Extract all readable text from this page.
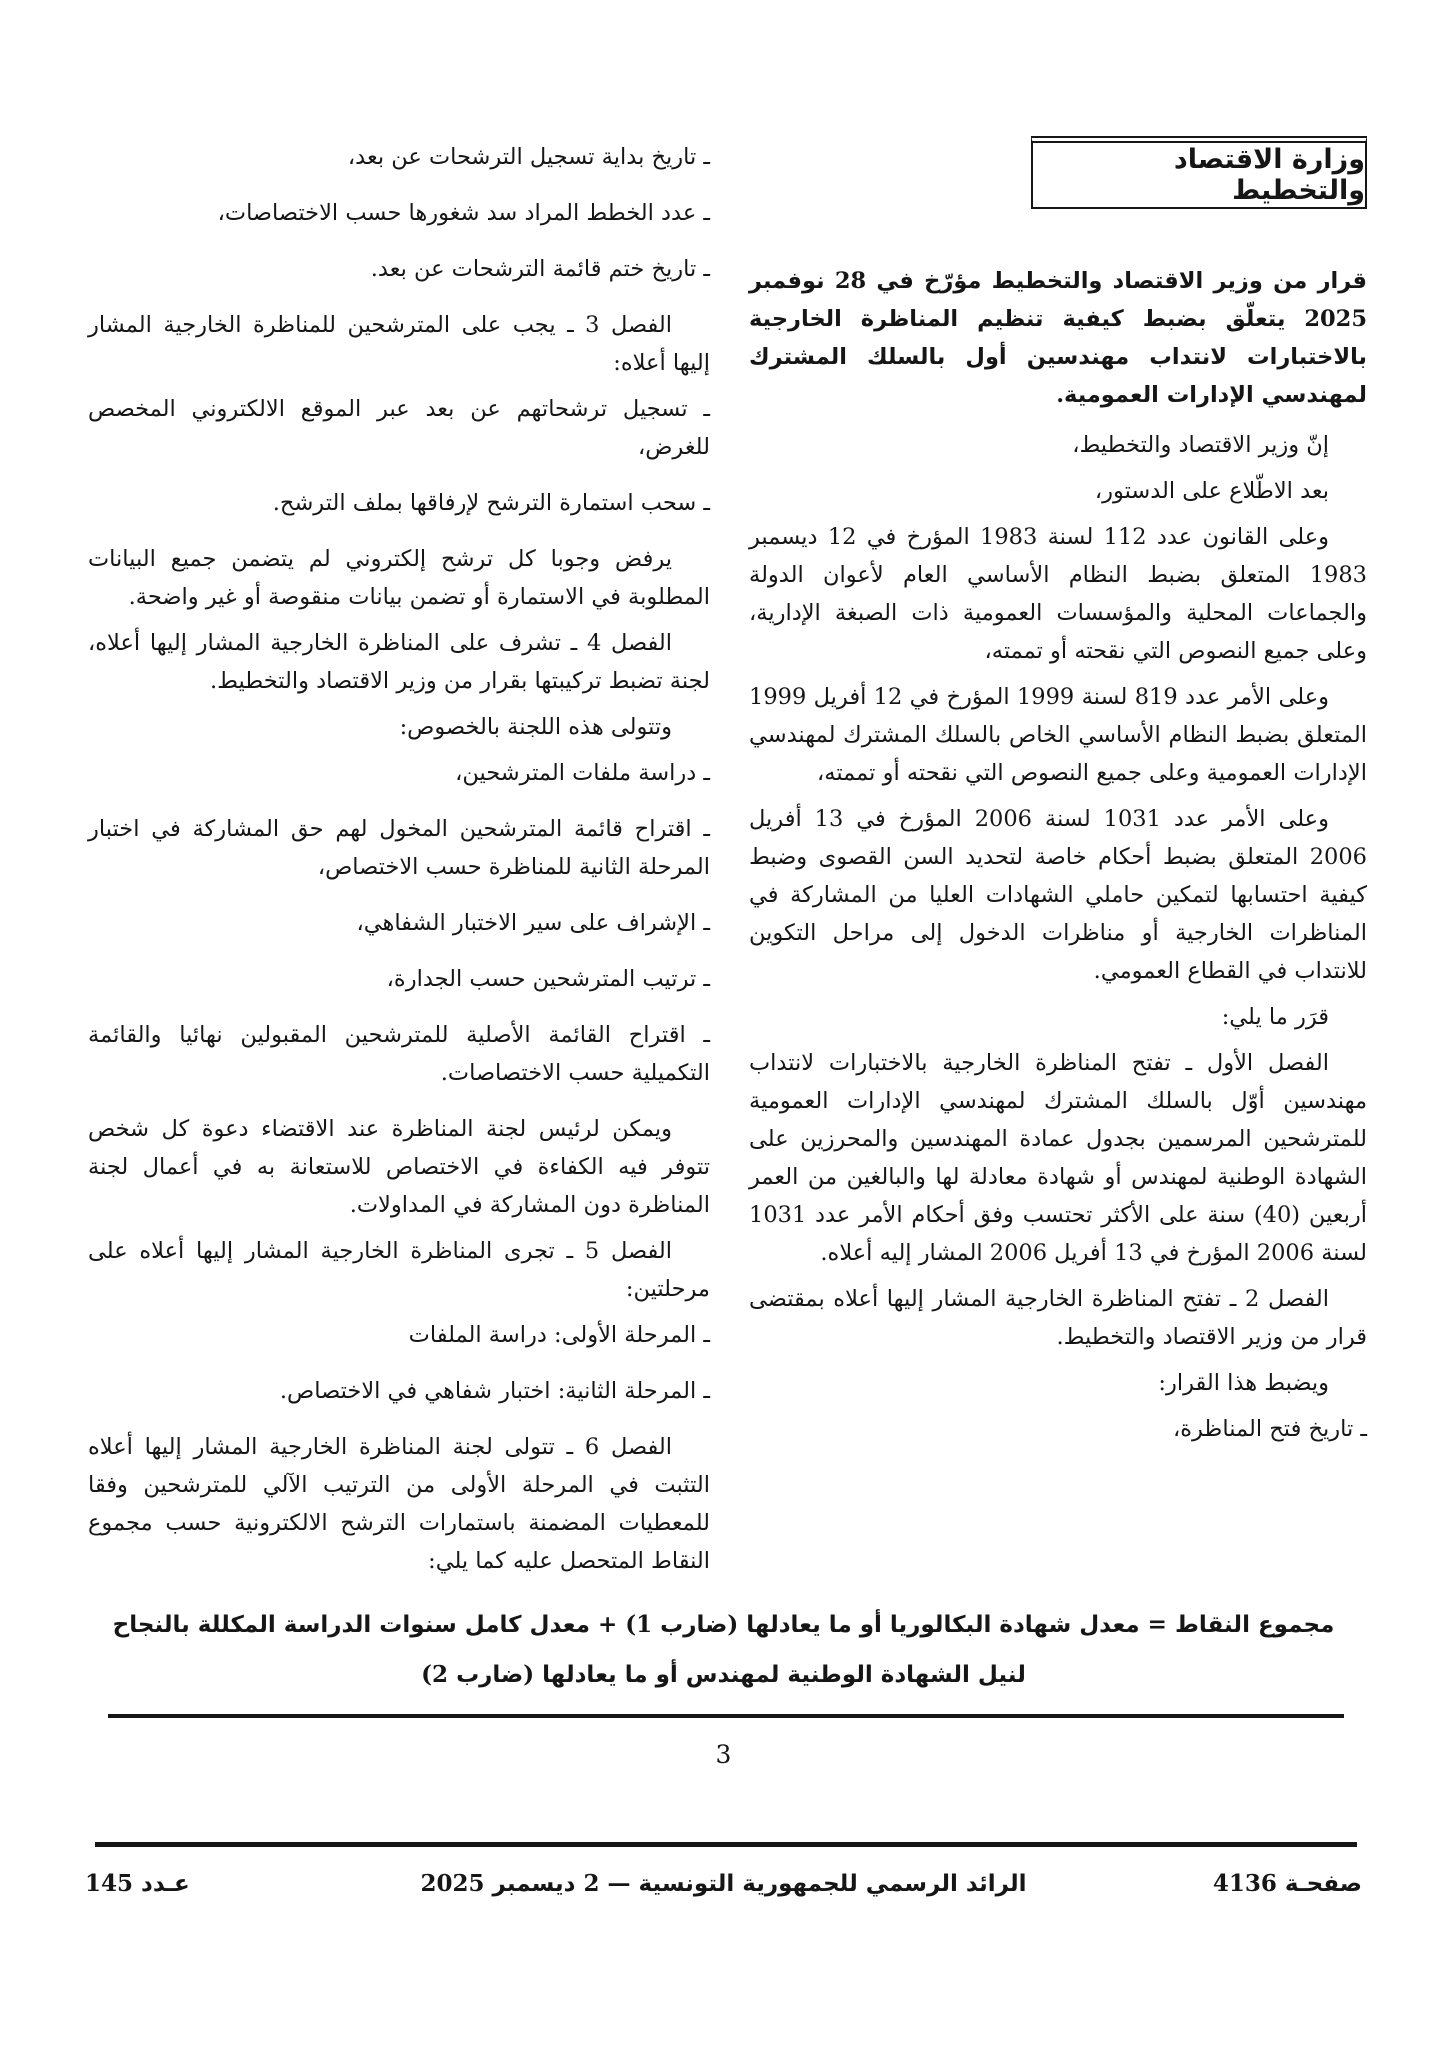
وزارة الاقتصاد والتخطيط

قرار من وزير الاقتصاد والتخطيط مؤرّخ في 28 نوفمبر 2025 يتعلّق بضبط كيفية تنظيم المناظرة الخارجية بالاختبارات لانتداب مهندسين أول بالسلك المشترك لمهندسي الإدارات العمومية.

إنّ وزير الاقتصاد والتخطيط،

بعد الاطّلاع على الدستور،

وعلى القانون عدد 112 لسنة 1983 المؤرخ في 12 ديسمبر 1983 المتعلق بضبط النظام الأساسي العام لأعوان الدولة والجماعات المحلية والمؤسسات العمومية ذات الصبغة الإدارية، وعلى جميع النصوص التي نقحته أو تممته،

وعلى الأمر عدد 819 لسنة 1999 المؤرخ في 12 أفريل 1999 المتعلق بضبط النظام الأساسي الخاص بالسلك المشترك لمهندسي الإدارات العمومية وعلى جميع النصوص التي نقحته أو تممته،

وعلى الأمر عدد 1031 لسنة 2006 المؤرخ في 13 أفريل 2006 المتعلق بضبط أحكام خاصة لتحديد السن القصوى وضبط كيفية احتسابها لتمكين حاملي الشهادات العليا من المشاركة في المناظرات الخارجية أو مناظرات الدخول إلى مراحل التكوين للانتداب في القطاع العمومي.

قرَر ما يلي:

الفصل الأول ـ تفتح المناظرة الخارجية بالاختبارات لانتداب مهندسين أوّل بالسلك المشترك لمهندسي الإدارات العمومية للمترشحين المرسمين بجدول عمادة المهندسين والمحرزين على الشهادة الوطنية لمهندس أو شهادة معادلة لها والبالغين من العمر أربعين (40) سنة على الأكثر تحتسب وفق أحكام الأمر عدد 1031 لسنة 2006 المؤرخ في 13 أفريل 2006 المشار إليه أعلاه.

الفصل 2 ـ تفتح المناظرة الخارجية المشار إليها أعلاه بمقتضى قرار من وزير الاقتصاد والتخطيط.

ويضبط هذا القرار:

ـ تاريخ فتح المناظرة،

ـ تاريخ بداية تسجيل الترشحات عن بعد،

ـ عدد الخطط المراد سد شغورها حسب الاختصاصات،

ـ تاريخ ختم قائمة الترشحات عن بعد.

الفصل 3 ـ يجب على المترشحين للمناظرة الخارجية المشار إليها أعلاه:

ـ تسجيل ترشحاتهم عن بعد عبر الموقع الالكتروني المخصص للغرض،

ـ سحب استمارة الترشح لإرفاقها بملف الترشح.

يرفض وجوبا كل ترشح إلكتروني لم يتضمن جميع البيانات المطلوبة في الاستمارة أو تضمن بيانات منقوصة أو غير واضحة.

الفصل 4 ـ تشرف على المناظرة الخارجية المشار إليها أعلاه، لجنة تضبط تركيبتها بقرار من وزير الاقتصاد والتخطيط.

وتتولى هذه اللجنة بالخصوص:

ـ دراسة ملفات المترشحين،

ـ اقتراح قائمة المترشحين المخول لهم حق المشاركة في اختبار المرحلة الثانية للمناظرة حسب الاختصاص،

ـ الإشراف على سير الاختبار الشفاهي،

ـ ترتيب المترشحين حسب الجدارة،

ـ اقتراح القائمة الأصلية للمترشحين المقبولين نهائيا والقائمة التكميلية حسب الاختصاصات.

ويمكن لرئيس لجنة المناظرة عند الاقتضاء دعوة كل شخص تتوفر فيه الكفاءة في الاختصاص للاستعانة به في أعمال لجنة المناظرة دون المشاركة في المداولات.

الفصل 5 ـ تجرى المناظرة الخارجية المشار إليها أعلاه على مرحلتين:

ـ المرحلة الأولى: دراسة الملفات

ـ المرحلة الثانية: اختبار شفاهي في الاختصاص.

الفصل 6 ـ تتولى لجنة المناظرة الخارجية المشار إليها أعلاه التثبت في المرحلة الأولى من الترتيب الآلي للمترشحين وفقا للمعطيات المضمنة باستمارات الترشح الالكترونية حسب مجموع النقاط المتحصل عليه كما يلي:

مجموع النقاط = معدل شهادة البكالوريا أو ما يعادلها (ضارب 1) + معدل كامل سنوات الدراسة المكللة بالنجاح لنيل الشهادة الوطنية لمهندس أو ما يعادلها (ضارب 2)
3
صفحـة 4136
الرائد الرسمي للجمهورية التونسية — 2 ديسمبر 2025
عـدد 145
